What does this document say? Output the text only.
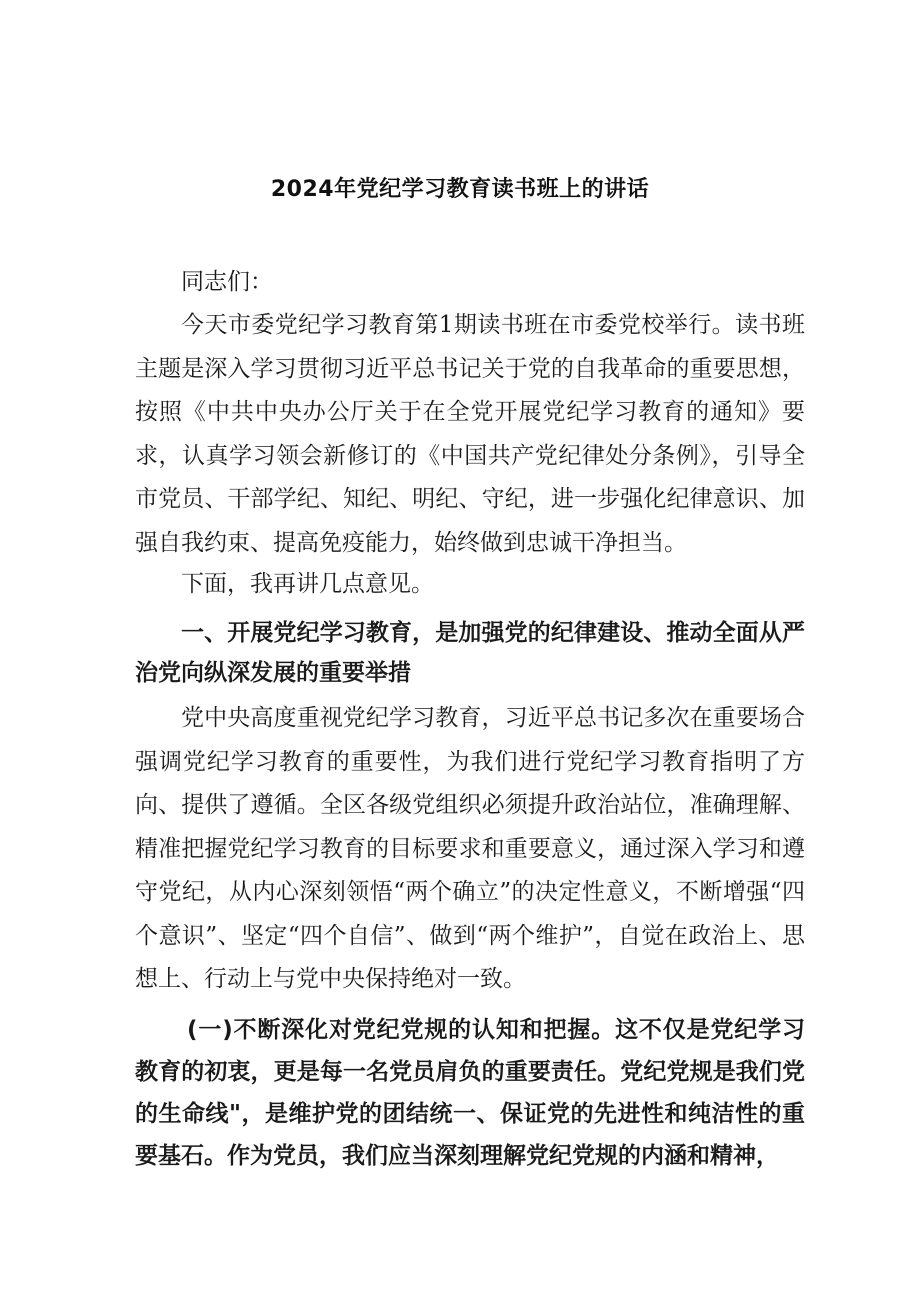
2024年党纪学习教育读书班上的讲话
同志们：

今天市委党纪学习教育第1期读书班在市委党校举行。读书班主题是深入学习贯彻习近平总书记关于党的自我革命的重要思想，按照《中共中央办公厅关于在全党开展党纪学习教育的通知》要求，认真学习领会新修订的《中国共产党纪律处分条例》，引导全市党员、干部学纪、知纪、明纪、守纪，进一步强化纪律意识、加强自我约束、提高免疫能力，始终做到忠诚干净担当。

下面，我再讲几点意见。

一、开展党纪学习教育，是加强党的纪律建设、推动全面从严治党向纵深发展的重要举措

党中央高度重视党纪学习教育，习近平总书记多次在重要场合强调党纪学习教育的重要性，为我们进行党纪学习教育指明了方向、提供了遵循。全区各级党组织必须提升政治站位，准确理解、精准把握党纪学习教育的目标要求和重要意义，通过深入学习和遵守党纪，从内心深刻领悟“两个确立”的决定性意义，不断增强“四个意识”、坚定“四个自信”、做到“两个维护”，自觉在政治上、思想上、行动上与党中央保持绝对一致。

(一)不断深化对党纪党规的认知和把握。这不仅是党纪学习教育的初衷，更是每一名党员肩负的重要责任。党纪党规是我们党的生命线"，是维护党的团结统一、保证党的先进性和纯洁性的重要基石。作为党员，我们应当深刻理解党纪党规的内涵和精神，
